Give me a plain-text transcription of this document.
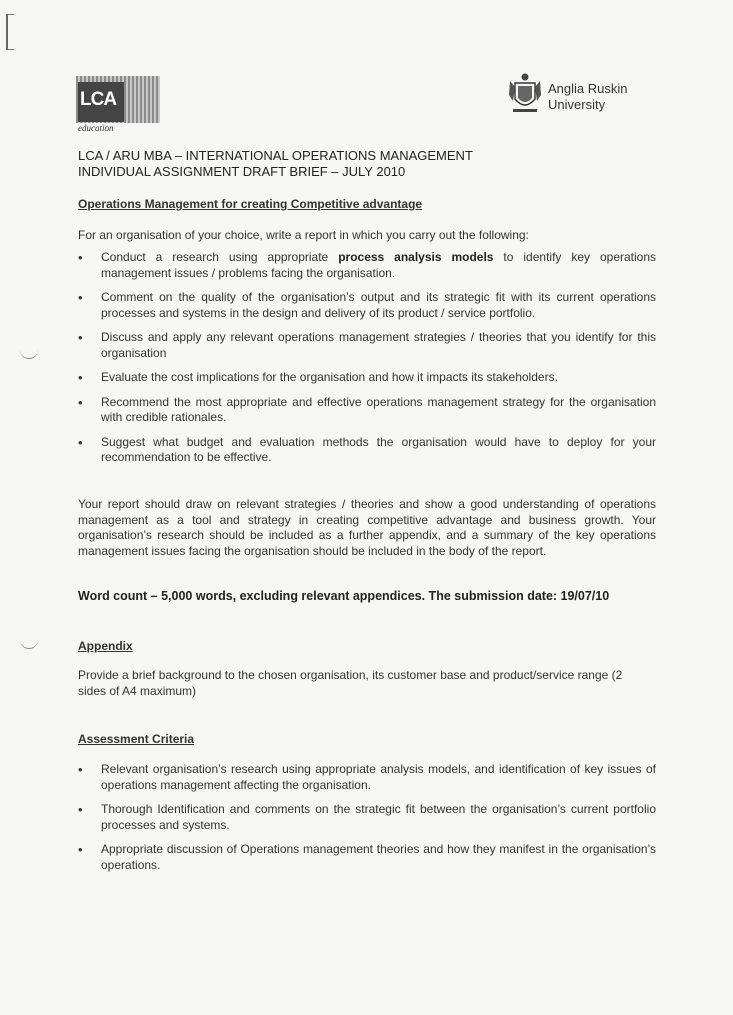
LCA
education
Anglia Ruskin
University
LCA / ARU MBA – INTERNATIONAL OPERATIONS MANAGEMENT
INDIVIDUAL ASSIGNMENT DRAFT BRIEF – JULY 2010
Operations Management for creating Competitive advantage
For an organisation of your choice, write a report in which you carry out the following:
• Conduct a research using appropriate process analysis models to identify key operations management issues / problems facing the organisation.
• Comment on the quality of the organisation’s output and its strategic fit with its current operations processes and systems in the design and delivery of its product / service portfolio.
• Discuss and apply any relevant operations management strategies / theories that you identify for this organisation
• Evaluate the cost implications for the organisation and how it impacts its stakeholders.
• Recommend the most appropriate and effective operations management strategy for the organisation with credible rationales.
• Suggest what budget and evaluation methods the organisation would have to deploy for your recommendation to be effective.
Your report should draw on relevant strategies / theories and show a good understanding of operations management as a tool and strategy in creating competitive advantage and business growth. Your organisation’s research should be included as a further appendix, and a summary of the key operations management issues facing the organisation should be included in the body of the report.
Word count – 5,000 words, excluding relevant appendices. The submission date: 19/07/10
Appendix
Provide a brief background to the chosen organisation, its customer base and product/service range (2 sides of A4 maximum)
Assessment Criteria
• Relevant organisation’s research using appropriate analysis models, and identification of key issues of operations management affecting the organisation.
• Thorough Identification and comments on the strategic fit between the organisation’s current portfolio processes and systems.
• Appropriate discussion of Operations management theories and how they manifest in the organisation’s operations.
